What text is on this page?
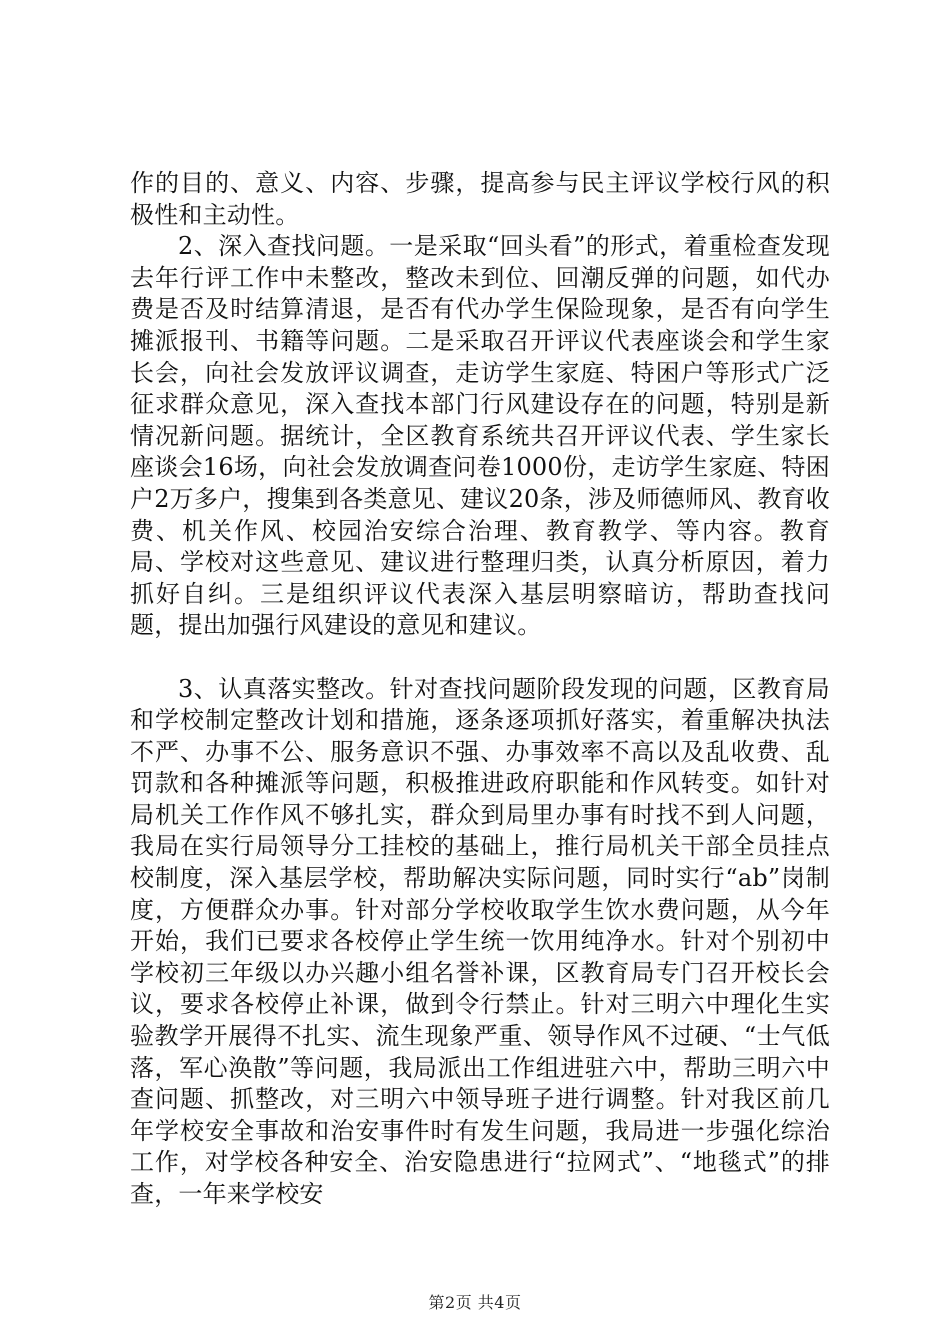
作的目的、意义、内容、步骤，提高参与民主评议学校行风的积极性和主动性。

2、深入查找问题。一是采取“回头看”的形式，着重检查发现去年行评工作中未整改，整改未到位、回潮反弹的问题，如代办费是否及时结算清退，是否有代办学生保险现象，是否有向学生摊派报刊、书籍等问题。二是采取召开评议代表座谈会和学生家长会，向社会发放评议调查，走访学生家庭、特困户等形式广泛征求群众意见，深入查找本部门行风建设存在的问题，特别是新情况新问题。据统计，全区教育系统共召开评议代表、学生家长座谈会16场，向社会发放调查问卷1000份，走访学生家庭、特困户2万多户，搜集到各类意见、建议20条，涉及师德师风、教育收费、机关作风、校园治安综合治理、教育教学、等内容。教育局、学校对这些意见、建议进行整理归类，认真分析原因，着力抓好自纠。三是组织评议代表深入基层明察暗访，帮助查找问题，提出加强行风建设的意见和建议。

3、认真落实整改。针对查找问题阶段发现的问题，区教育局和学校制定整改计划和措施，逐条逐项抓好落实，着重解决执法不严、办事不公、服务意识不强、办事效率不高以及乱收费、乱罚款和各种摊派等问题，积极推进政府职能和作风转变。如针对局机关工作作风不够扎实，群众到局里办事有时找不到人问题，我局在实行局领导分工挂校的基础上，推行局机关干部全员挂点校制度，深入基层学校，帮助解决实际问题，同时实行“ab”岗制度，方便群众办事。针对部分学校收取学生饮水费问题，从今年开始，我们已要求各校停止学生统一饮用纯净水。针对个别初中学校初三年级以办兴趣小组名誉补课，区教育局专门召开校长会议，要求各校停止补课，做到令行禁止。针对三明六中理化生实验教学开展得不扎实、流生现象严重、领导作风不过硬、“士气低落，军心涣散”等问题，我局派出工作组进驻六中，帮助三明六中查问题、抓整改，对三明六中领导班子进行调整。针对我区前几年学校安全事故和治安事件时有发生问题，我局进一步强化综治工作，对学校各种安全、治安隐患进行“拉网式”、“地毯式”的排查，一年来学校安

第2页 共4页
